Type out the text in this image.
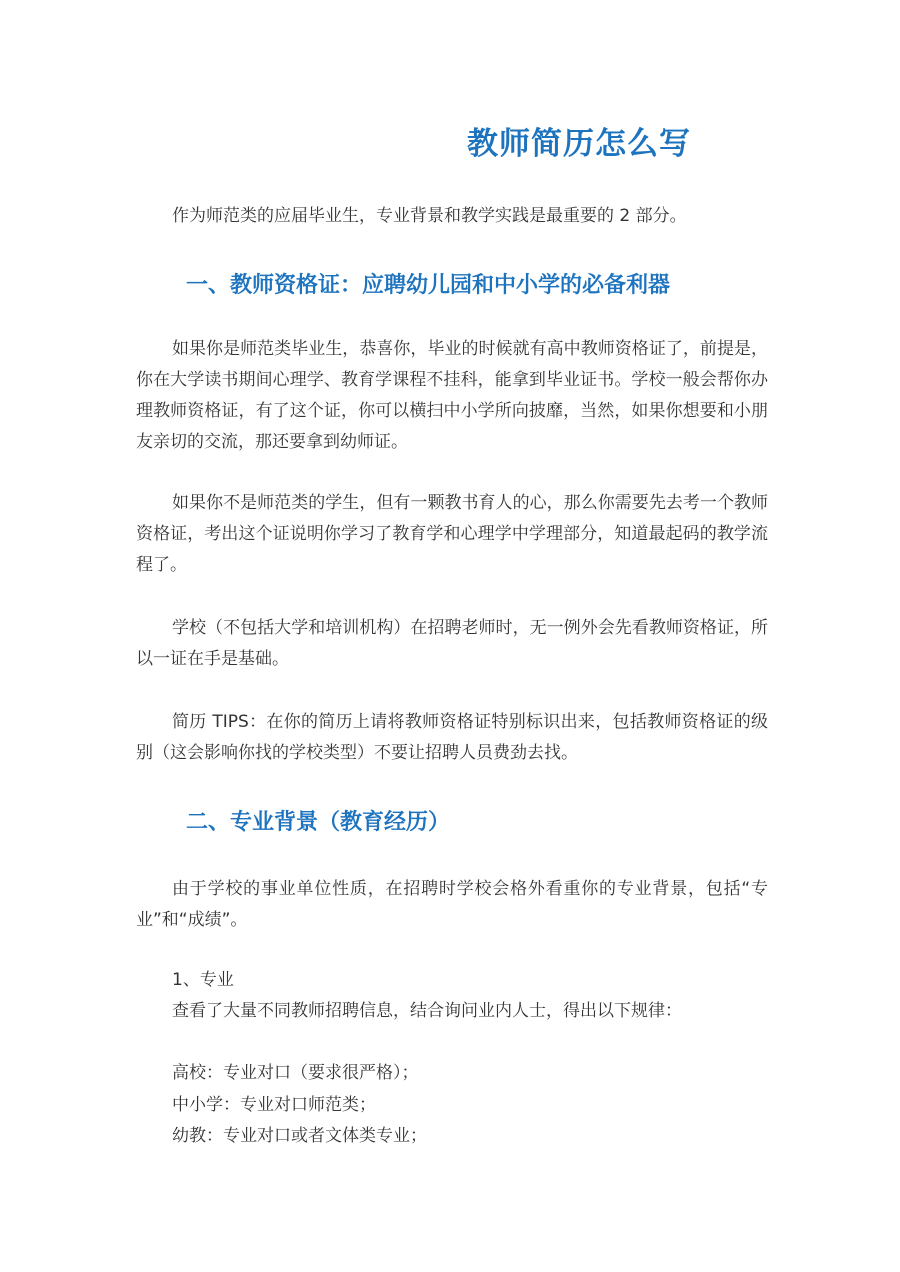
教师简历怎么写

作为师范类的应届毕业生，专业背景和教学实践是最重要的 2 部分。

一、教师资格证：应聘幼儿园和中小学的必备利器

如果你是师范类毕业生，恭喜你，毕业的时候就有高中教师资格证了，前提是，你在大学读书期间心理学、教育学课程不挂科，能拿到毕业证书。学校一般会帮你办理教师资格证，有了这个证，你可以横扫中小学所向披靡，当然，如果你想要和小朋友亲切的交流，那还要拿到幼师证。

如果你不是师范类的学生，但有一颗教书育人的心，那么你需要先去考一个教师资格证，考出这个证说明你学习了教育学和心理学中学理部分，知道最起码的教学流程了。

学校（不包括大学和培训机构）在招聘老师时，无一例外会先看教师资格证，所以一证在手是基础。

简历 TIPS：在你的简历上请将教师资格证特别标识出来，包括教师资格证的级别（这会影响你找的学校类型）不要让招聘人员费劲去找。

二、专业背景（教育经历）

由于学校的事业单位性质，在招聘时学校会格外看重你的专业背景，包括“专业”和“成绩”。

1、专业

查看了大量不同教师招聘信息，结合询问业内人士，得出以下规律：

高校：专业对口（要求很严格）；

中小学：专业对口师范类；

幼教：专业对口或者文体类专业；
